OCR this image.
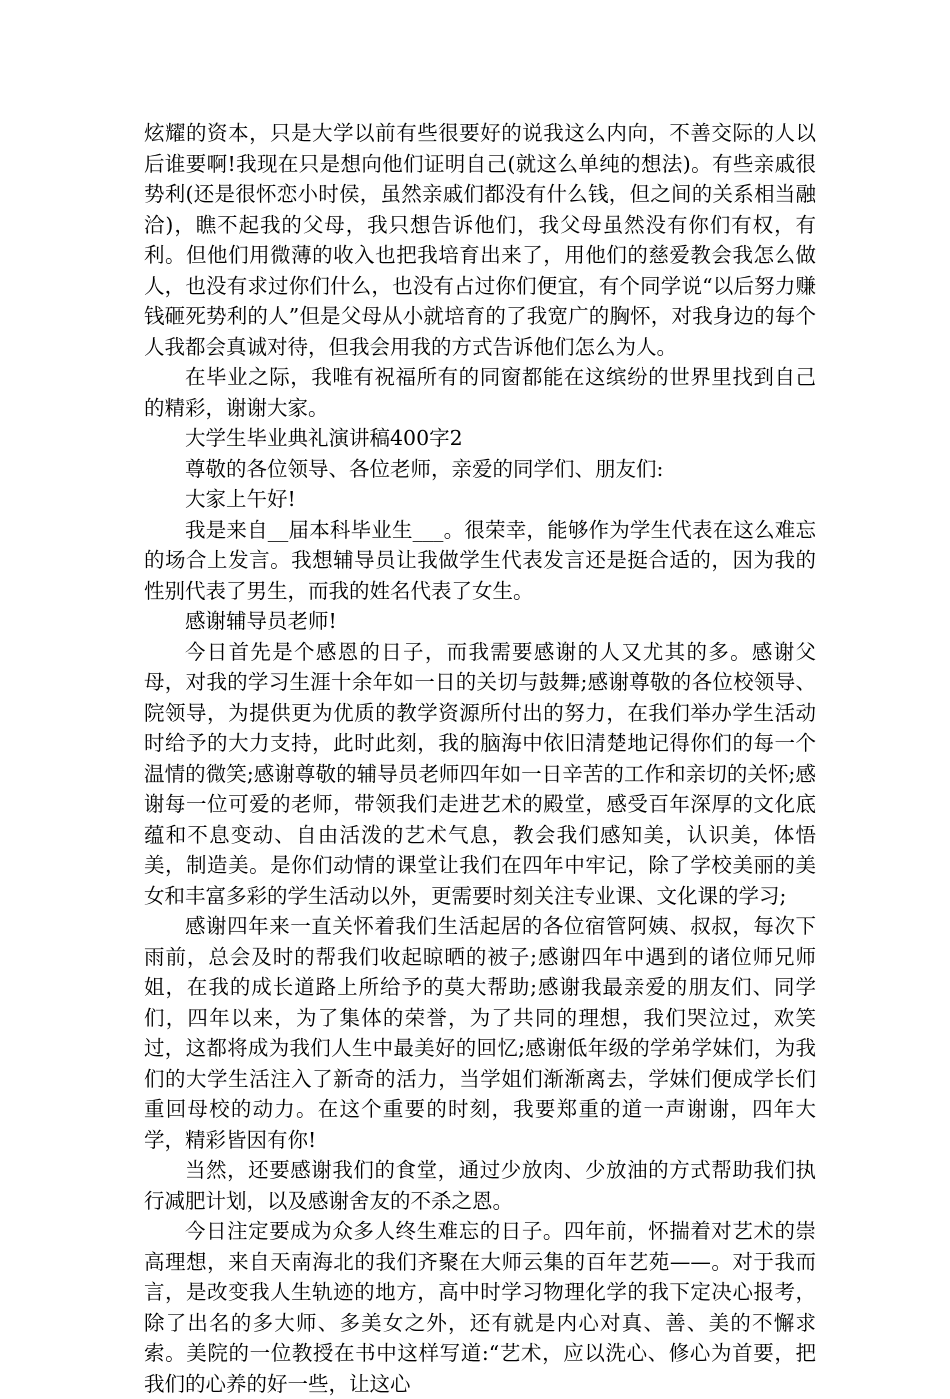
炫耀的资本，只是大学以前有些很要好的说我这么内向，不善交际的人以后谁要啊!我现在只是想向他们证明自己(就这么单纯的想法)。有些亲戚很势利(还是很怀恋小时侯，虽然亲戚们都没有什么钱，但之间的关系相当融洽)，瞧不起我的父母，我只想告诉他们，我父母虽然没有你们有权，有利。但他们用微薄的收入也把我培育出来了，用他们的慈爱教会我怎么做人，也没有求过你们什么，也没有占过你们便宜，有个同学说“以后努力赚钱砸死势利的人”但是父母从小就培育的了我宽广的胸怀，对我身边的每个人我都会真诚对待，但我会用我的方式告诉他们怎么为人。

在毕业之际，我唯有祝福所有的同窗都能在这缤纷的世界里找到自己的精彩，谢谢大家。

大学生毕业典礼演讲稿400字2

尊敬的各位领导、各位老师，亲爱的同学们、朋友们:

大家上午好!

我是来自__届本科毕业生___。很荣幸，能够作为学生代表在这么难忘的场合上发言。我想辅导员让我做学生代表发言还是挺合适的，因为我的性别代表了男生，而我的姓名代表了女生。

感谢辅导员老师!

今日首先是个感恩的日子，而我需要感谢的人又尤其的多。感谢父母，对我的学习生涯十余年如一日的关切与鼓舞;感谢尊敬的各位校领导、院领导，为提供更为优质的教学资源所付出的努力，在我们举办学生活动时给予的大力支持，此时此刻，我的脑海中依旧清楚地记得你们的每一个温情的微笑;感谢尊敬的辅导员老师四年如一日辛苦的工作和亲切的关怀;感谢每一位可爱的老师，带领我们走进艺术的殿堂，感受百年深厚的文化底蕴和不息变动、自由活泼的艺术气息，教会我们感知美，认识美，体悟美，制造美。是你们动情的课堂让我们在四年中牢记，除了学校美丽的美女和丰富多彩的学生活动以外，更需要时刻关注专业课、文化课的学习;

感谢四年来一直关怀着我们生活起居的各位宿管阿姨、叔叔，每次下雨前，总会及时的帮我们收起晾晒的被子;感谢四年中遇到的诸位师兄师姐，在我的成长道路上所给予的莫大帮助;感谢我最亲爱的朋友们、同学们，四年以来，为了集体的荣誉，为了共同的理想，我们哭泣过，欢笑过，这都将成为我们人生中最美好的回忆;感谢低年级的学弟学妹们，为我们的大学生活注入了新奇的活力，当学姐们渐渐离去，学妹们便成学长们重回母校的动力。在这个重要的时刻，我要郑重的道一声谢谢，四年大学，精彩皆因有你!

当然，还要感谢我们的食堂，通过少放肉、少放油的方式帮助我们执行减肥计划，以及感谢舍友的不杀之恩。

今日注定要成为众多人终生难忘的日子。四年前，怀揣着对艺术的崇高理想，来自天南海北的我们齐聚在大师云集的百年艺苑——。对于我而言，是改变我人生轨迹的地方，高中时学习物理化学的我下定决心报考，除了出名的多大师、多美女之外，还有就是内心对真、善、美的不懈求索。美院的一位教授在书中这样写道:“艺术，应以洗心、修心为首要，把我们的心养的好一些，让这心
